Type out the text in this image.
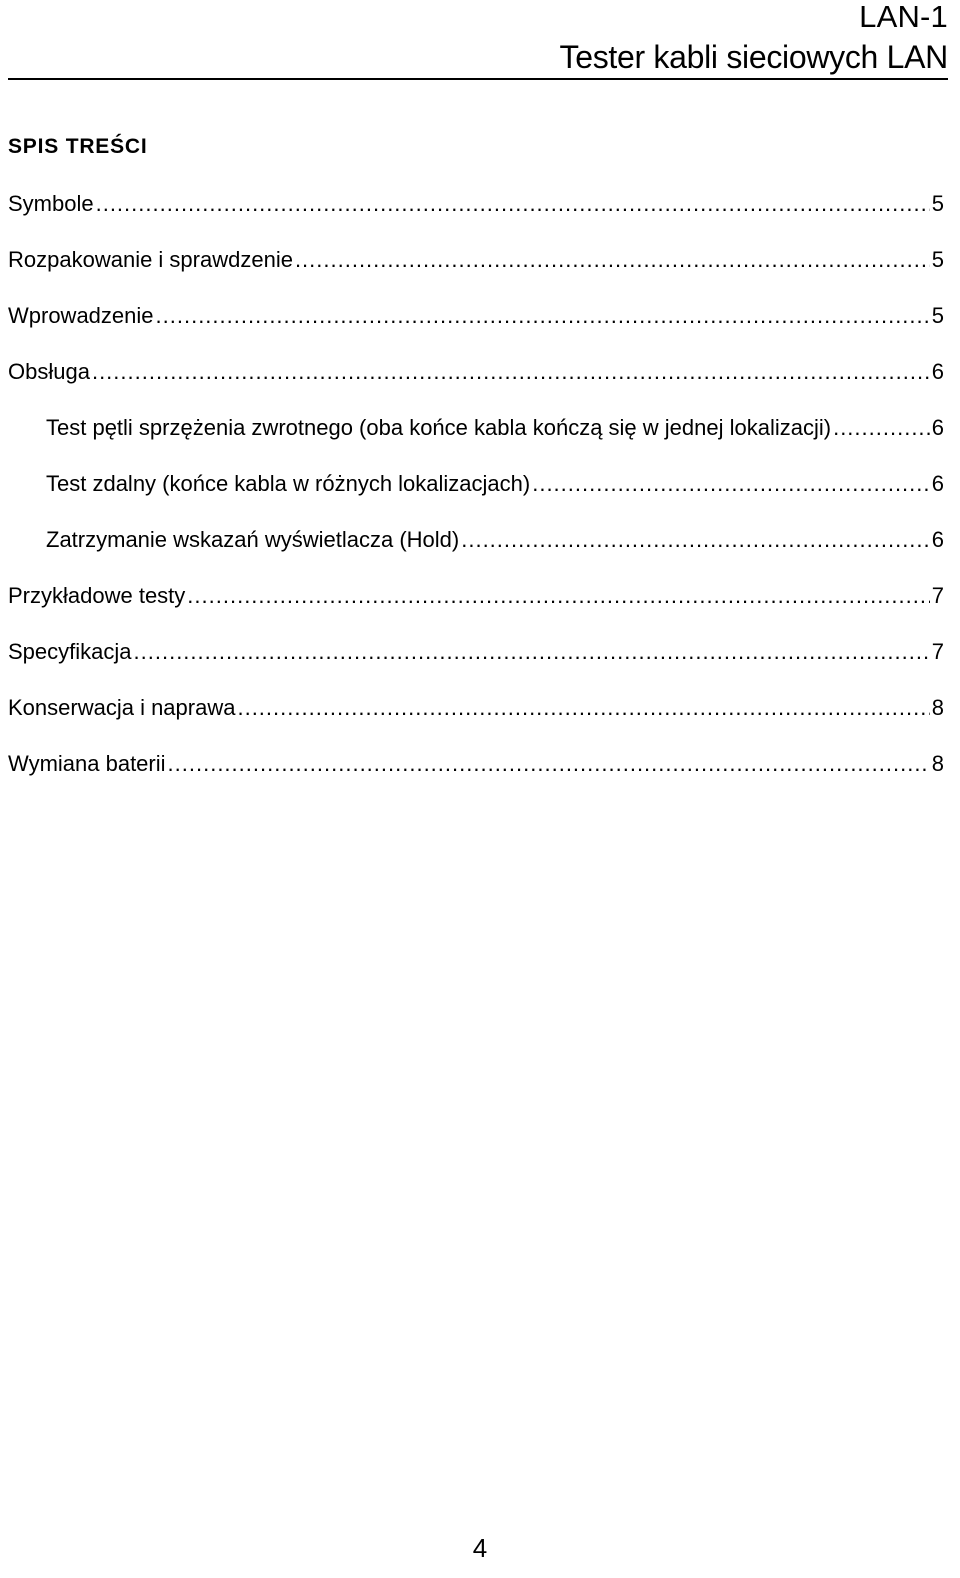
LAN-1
Tester kabli sieciowych LAN
SPIS TREŚCI
Symbole .....	5
Rozpakowanie i sprawdzenie .....	5
Wprowadzenie .....	5
Obsługa .....	6
Test pętli sprzężenia zwrotnego (oba końce kabla kończą się w jednej lokalizacji) .....	6
Test zdalny (końce kabla w różnych lokalizacjach) .....	6
Zatrzymanie wskazań wyświetlacza (Hold) .....	6
Przykładowe testy .....	7
Specyfikacja .....	7
Konserwacja i naprawa .....	8
Wymiana baterii .....	8
4
